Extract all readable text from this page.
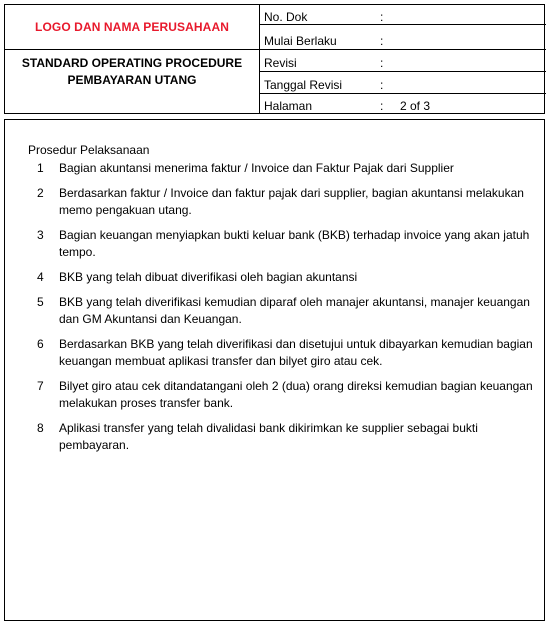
LOGO DAN NAMA PERUSAHAAN
STANDARD OPERATING PROCEDURE
PEMBAYARAN UTANG
No. Dok	:
Mulai Berlaku	:
Revisi	:
Tanggal Revisi	:
Halaman	: 2 of 3
Prosedur Pelaksanaan
1	Bagian akuntansi menerima faktur / Invoice dan Faktur Pajak dari Supplier
2	Berdasarkan faktur / Invoice dan faktur pajak dari supplier, bagian akuntansi melakukan memo pengakuan utang.
3	Bagian keuangan menyiapkan bukti keluar bank (BKB) terhadap invoice yang akan jatuh tempo.
4	BKB yang telah dibuat diverifikasi oleh bagian akuntansi
5	BKB yang telah diverifikasi kemudian diparaf oleh manajer akuntansi, manajer keuangan dan GM Akuntansi dan Keuangan.
6	Berdasarkan BKB yang telah diverifikasi dan disetujui untuk dibayarkan kemudian bagian keuangan membuat aplikasi transfer dan bilyet giro atau cek.
7	Bilyet giro atau cek ditandatangani oleh 2 (dua) orang direksi kemudian bagian keuangan melakukan proses transfer bank.
8	Aplikasi transfer yang telah divalidasi bank dikirimkan ke supplier sebagai bukti pembayaran.
